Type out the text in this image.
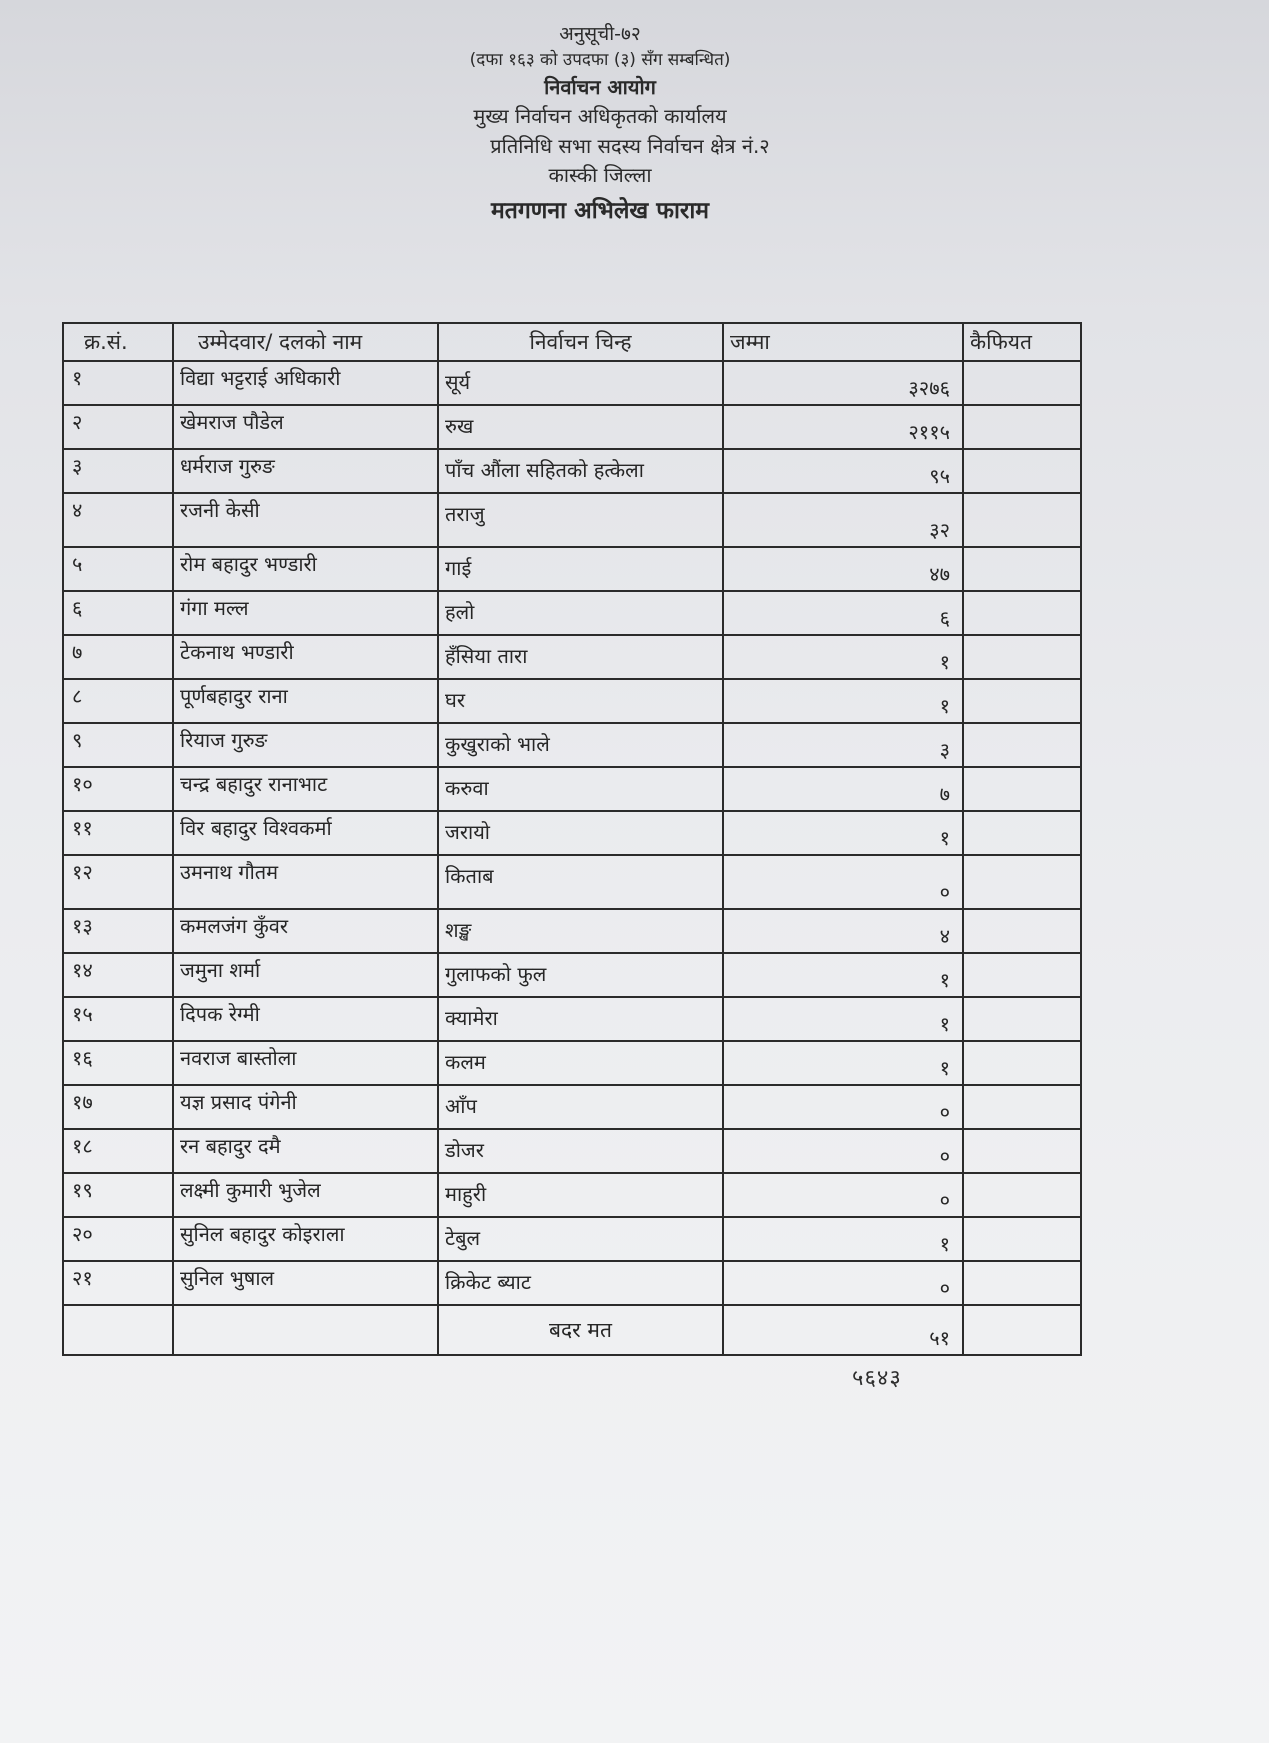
अनुसूची-७२
(दफा १६३ को उपदफा (३) सँग सम्बन्धित)
निर्वाचन आयोग
मुख्य निर्वाचन अधिकृतको कार्यालय
प्रतिनिधि सभा सदस्य निर्वाचन क्षेत्र नं.२
कास्की जिल्ला
मतगणना अभिलेख फाराम
क्र.सं.	उम्मेदवार/ दलको नाम	निर्वाचन चिन्ह	जम्मा	कैफियत
१	विद्या भट्टराई अधिकारी	सूर्य	३२७६	
२	खेमराज पौडेल	रुख	२११५	
३	धर्मराज गुरुङ	पाँच औंला सहितको हत्केला	९५	
४	रजनी केसी	तराजु	३२	
५	रोम बहादुर भण्डारी	गाई	४७	
६	गंगा मल्ल	हलो	६	
७	टेकनाथ भण्डारी	हँसिया तारा	१	
८	पूर्णबहादुर राना	घर	१	
९	रियाज गुरुङ	कुखुराको भाले	३	
१०	चन्द्र बहादुर रानाभाट	करुवा	७	
११	विर बहादुर विश्वकर्मा	जरायो	१	
१२	उमनाथ गौतम	किताब	०	
१३	कमलजंग कुँवर	शङ्ख	४	
१४	जमुना शर्मा	गुलाफको फुल	१	
१५	दिपक रेग्मी	क्यामेरा	१	
१६	नवराज बास्तोला	कलम	१	
१७	यज्ञ प्रसाद पंगेनी	आँप	०	
१८	रन बहादुर दमै	डोजर	०	
१९	लक्ष्मी कुमारी भुजेल	माहुरी	०	
२०	सुनिल बहादुर कोइराला	टेबुल	१	
२१	सुनिल भुषाल	क्रिकेट ब्याट	०	
		बदर मत	५१	
५६४३
